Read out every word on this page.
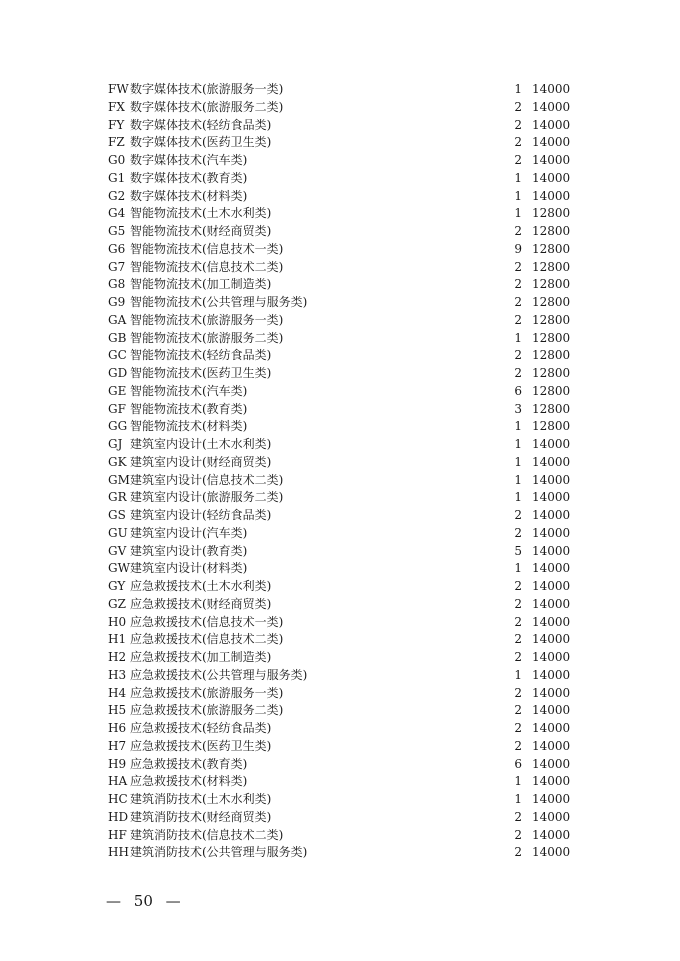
FW 数字媒体技术(旅游服务一类)	1 14000
FX 数字媒体技术(旅游服务二类)	2 14000
FY 数字媒体技术(轻纺食品类)	2 14000
FZ 数字媒体技术(医药卫生类)	2 14000
G0 数字媒体技术(汽车类)	2 14000
G1 数字媒体技术(教育类)	1 14000
G2 数字媒体技术(材料类)	1 14000
G4 智能物流技术(土木水利类)	1 12800
G5 智能物流技术(财经商贸类)	2 12800
G6 智能物流技术(信息技术一类)	9 12800
G7 智能物流技术(信息技术二类)	2 12800
G8 智能物流技术(加工制造类)	2 12800
G9 智能物流技术(公共管理与服务类)	2 12800
GA 智能物流技术(旅游服务一类)	2 12800
GB 智能物流技术(旅游服务二类)	1 12800
GC 智能物流技术(轻纺食品类)	2 12800
GD 智能物流技术(医药卫生类)	2 12800
GE 智能物流技术(汽车类)	6 12800
GF 智能物流技术(教育类)	3 12800
GG 智能物流技术(材料类)	1 12800
GJ 建筑室内设计(土木水利类)	1 14000
GK 建筑室内设计(财经商贸类)	1 14000
GM 建筑室内设计(信息技术二类)	1 14000
GR 建筑室内设计(旅游服务二类)	1 14000
GS 建筑室内设计(轻纺食品类)	2 14000
GU 建筑室内设计(汽车类)	2 14000
GV 建筑室内设计(教育类)	5 14000
GW 建筑室内设计(材料类)	1 14000
GY 应急救援技术(土木水利类)	2 14000
GZ 应急救援技术(财经商贸类)	2 14000
H0 应急救援技术(信息技术一类)	2 14000
H1 应急救援技术(信息技术二类)	2 14000
H2 应急救援技术(加工制造类)	2 14000
H3 应急救援技术(公共管理与服务类)	1 14000
H4 应急救援技术(旅游服务一类)	2 14000
H5 应急救援技术(旅游服务二类)	2 14000
H6 应急救援技术(轻纺食品类)	2 14000
H7 应急救援技术(医药卫生类)	2 14000
H9 应急救援技术(教育类)	6 14000
HA 应急救援技术(材料类)	1 14000
HC 建筑消防技术(土木水利类)	1 14000
HD 建筑消防技术(财经商贸类)	2 14000
HF 建筑消防技术(信息技术二类)	2 14000
HH 建筑消防技术(公共管理与服务类)	2 14000
— 50 —
